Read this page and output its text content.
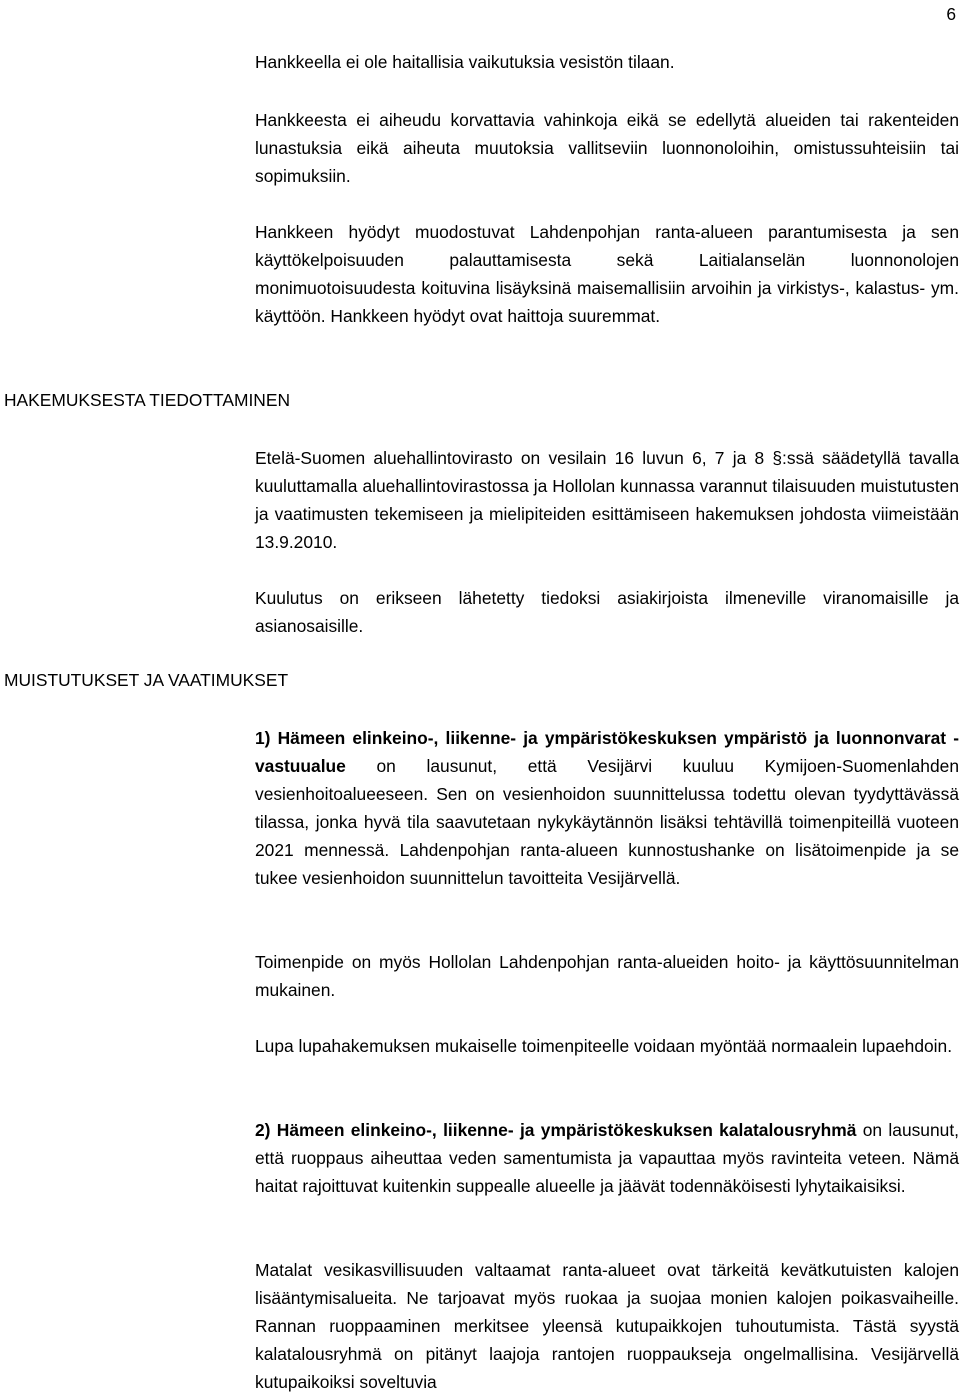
6

Hankkeella ei ole haitallisia vaikutuksia vesistön tilaan.

Hankkeesta ei aiheudu korvattavia vahinkoja eikä se edellytä alueiden tai rakenteiden lunastuksia eikä aiheuta muutoksia vallitseviin luonnonoloihin, omistussuhteisiin tai sopimuksiin.

Hankkeen hyödyt muodostuvat Lahdenpohjan ranta-alueen parantumisesta ja sen käyttökelpoisuuden palauttamisesta sekä Laitialanselän luonnonolojen monimuotoisuudesta koituvina lisäyksinä maisemallisiin arvoihin ja virkistys-, kalastus- ym. käyttöön. Hankkeen hyödyt ovat haittoja suuremmat.

HAKEMUKSESTA TIEDOTTAMINEN

Etelä-Suomen aluehallintovirasto on vesilain 16 luvun 6, 7 ja 8 §:ssä säädetyllä tavalla kuuluttamalla aluehallintovirastossa ja Hollolan kunnassa varannut tilaisuuden muistutusten ja vaatimusten tekemiseen ja mielipiteiden esittämiseen hakemuksen johdosta viimeistään 13.9.2010.

Kuulutus on erikseen lähetetty tiedoksi asiakirjoista ilmeneville viranomaisille ja asianosaisille.

MUISTUTUKSET JA VAATIMUKSET

1) Hämeen elinkeino-, liikenne- ja ympäristökeskuksen ympäristö ja luonnonvarat -vastuualue on lausunut, että Vesijärvi kuuluu Kymijoen-Suomenlahden vesienhoitoalueeseen. Sen on vesienhoidon suunnittelussa todettu olevan tyydyttävässä tilassa, jonka hyvä tila saavutetaan nykykäytännön lisäksi tehtävillä toimenpiteillä vuoteen 2021 mennessä. Lahdenpohjan ranta-alueen kunnostushanke on lisätoimenpide ja se tukee vesienhoidon suunnittelun tavoitteita Vesijärvellä.

Toimenpide on myös Hollolan Lahdenpohjan ranta-alueiden hoito- ja käyttösuunnitelman mukainen.

Lupa lupahakemuksen mukaiselle toimenpiteelle voidaan myöntää normaalein lupaehdoin.

2) Hämeen elinkeino-, liikenne- ja ympäristökeskuksen kalatalousryhmä on lausunut, että ruoppaus aiheuttaa veden samentumista ja vapauttaa myös ravinteita veteen. Nämä haitat rajoittuvat kuitenkin suppealle alueelle ja jäävät todennäköisesti lyhytaikaisiksi.

Matalat vesikasvillisuuden valtaamat ranta-alueet ovat tärkeitä kevätkutuisten kalojen lisääntymisalueita. Ne tarjoavat myös ruokaa ja suojaa monien kalojen poikasvaiheille. Rannan ruoppaaminen merkitsee yleensä kutupaikkojen tuhoutumista. Tästä syystä kalatalousryhmä on pitänyt laajoja rantojen ruoppaukseja ongelmallisina. Vesijärvellä kutupaikoiksi soveltuvia
